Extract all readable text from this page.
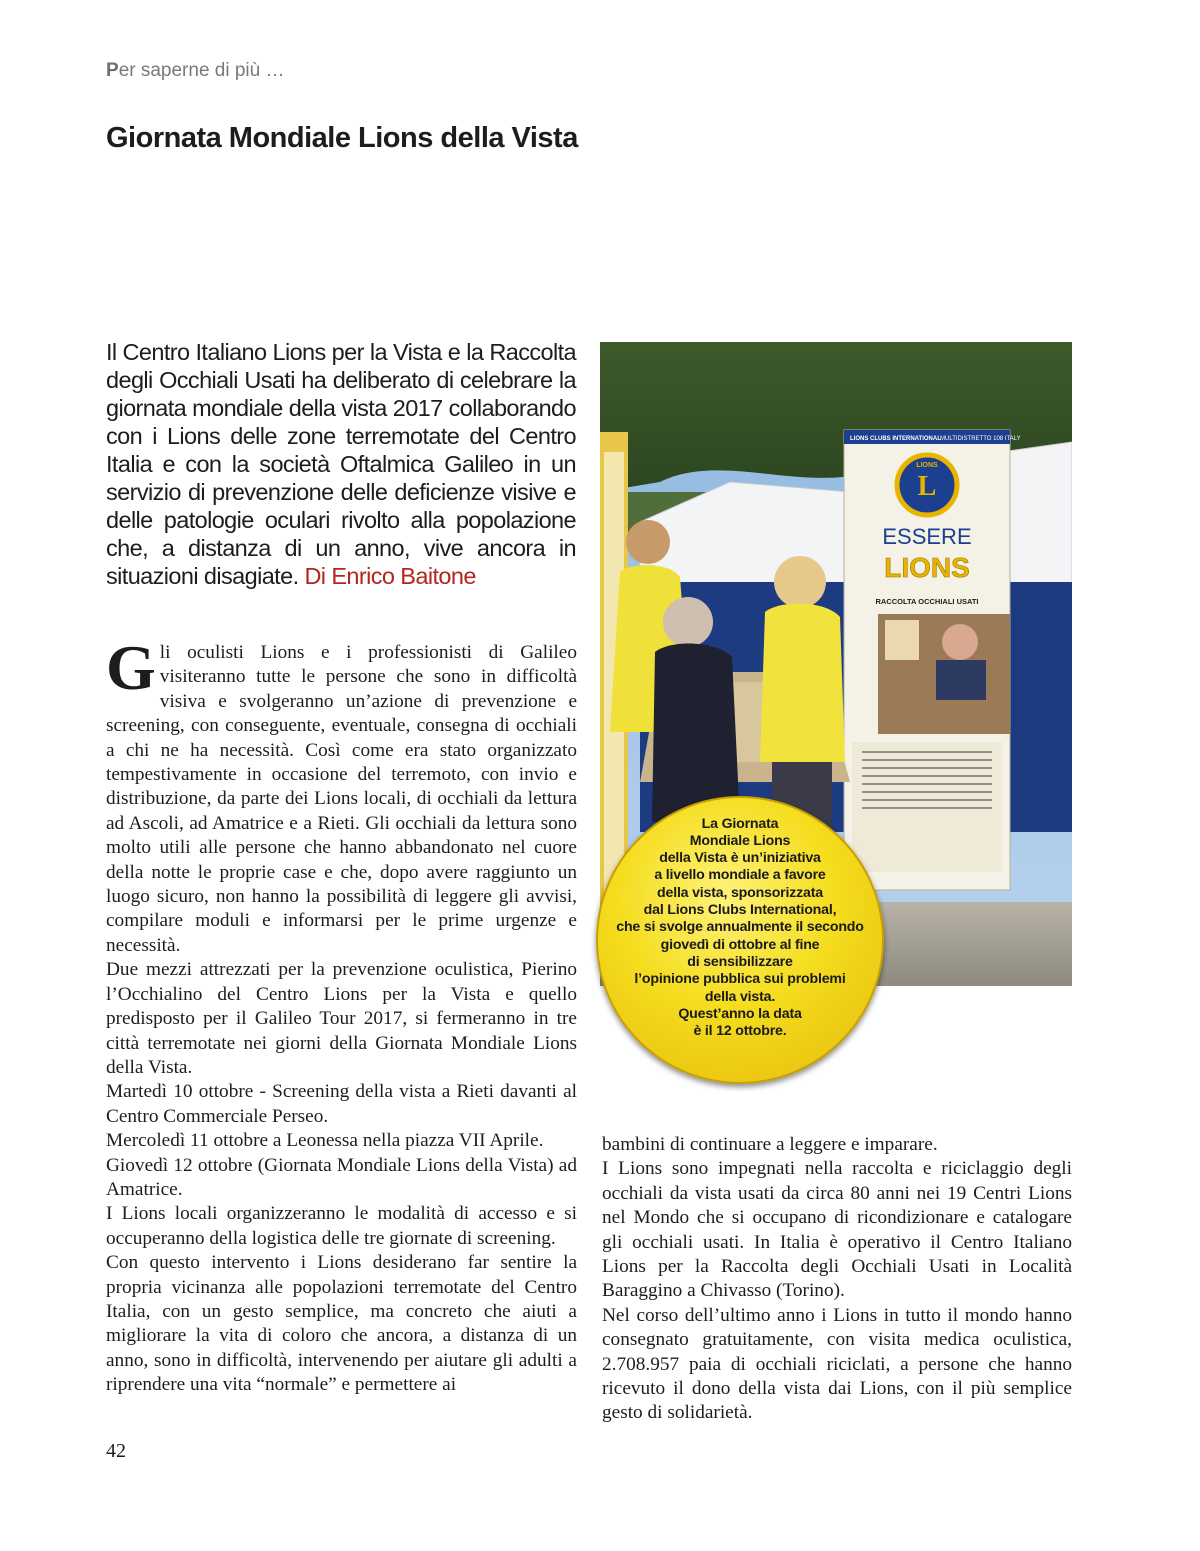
Per saperne di più …
Giornata Mondiale Lions della Vista

Il Centro Italiano Lions per la Vista e la Raccolta degli Occhiali Usati ha deliberato di celebrare la giornata mondiale della vista 2017 collaborando con i Lions delle zone terremotate del Centro Italia e con la società Oftalmica Galileo in un servizio di prevenzione delle deficienze visive e delle patologie oculari rivolto alla popolazione che, a distanza di un anno, vive ancora in situazioni disagiate. Di Enrico Baitone

Gli oculisti Lions e i professionisti di Galileo visiteranno tutte le persone che sono in difficoltà visiva e svolgeranno un’azione di prevenzione e screening, con conseguente, eventuale, consegna di occhiali a chi ne ha necessità. Così come era stato organizzato tempestivamente in occasione del terremoto, con invio e distribuzione, da parte dei Lions locali, di occhiali da lettura ad Ascoli, ad Amatrice e a Rieti. Gli occhiali da lettura sono molto utili alle persone che hanno abbandonato nel cuore della notte le proprie case e che, dopo avere raggiunto un luogo sicuro, non hanno la possibilità di leggere gli avvisi, compilare moduli e informarsi per le prime urgenze e necessità.

Due mezzi attrezzati per la prevenzione oculistica, Pierino l’Occhialino del Centro Lions per la Vista e quello predisposto per il Galileo Tour 2017, si fermeranno in tre città terremotate nei giorni della Giornata Mondiale Lions della Vista.

Martedì 10 ottobre - Screening della vista a Rieti davanti al Centro Commerciale Perseo.

Mercoledì 11 ottobre a Leonessa nella piazza VII Aprile.

Giovedì 12 ottobre (Giornata Mondiale Lions della Vista) ad Amatrice.

I Lions locali organizzeranno le modalità di accesso e si occuperanno della logistica delle tre giornate di screening.

Con questo intervento i Lions desiderano far sentire la propria vicinanza alle popolazioni terremotate del Centro Italia, con un gesto semplice, ma concreto che aiuti a migliorare la vita di coloro che ancora, a distanza di un anno, sono in difficoltà, intervenendo per aiutare gli adulti a riprendere una vita “normale” e permettere ai

LIONS CLUBS INTERNATIONAL MULTIDISTRETTO 108 ITALY
LIONS
L
ESSERE
LIONS
RACCOLTA OCCHIALI USATI
La Giornata
Mondiale Lions
della Vista è un’iniziativa
a livello mondiale a favore
della vista, sponsorizzata
dal Lions Clubs International,
che si svolge annualmente il secondo
giovedì di ottobre al fine
di sensibilizzare
l’opinione pubblica sui problemi
della vista.
Quest’anno la data
è il 12 ottobre.

bambini di continuare a leggere e imparare.

I Lions sono impegnati nella raccolta e riciclaggio degli occhiali da vista usati da circa 80 anni nei 19 Centri Lions nel Mondo che si occupano di ricondizionare e catalogare gli occhiali usati. In Italia è operativo il Centro Italiano Lions per la Raccolta degli Occhiali Usati in Località Baraggino a Chivasso (Torino).

Nel corso dell’ultimo anno i Lions in tutto il mondo hanno consegnato gratuitamente, con visita medica oculistica, 2.708.957 paia di occhiali riciclati, a persone che hanno ricevuto il dono della vista dai Lions, con il più semplice gesto di solidarietà.

42
